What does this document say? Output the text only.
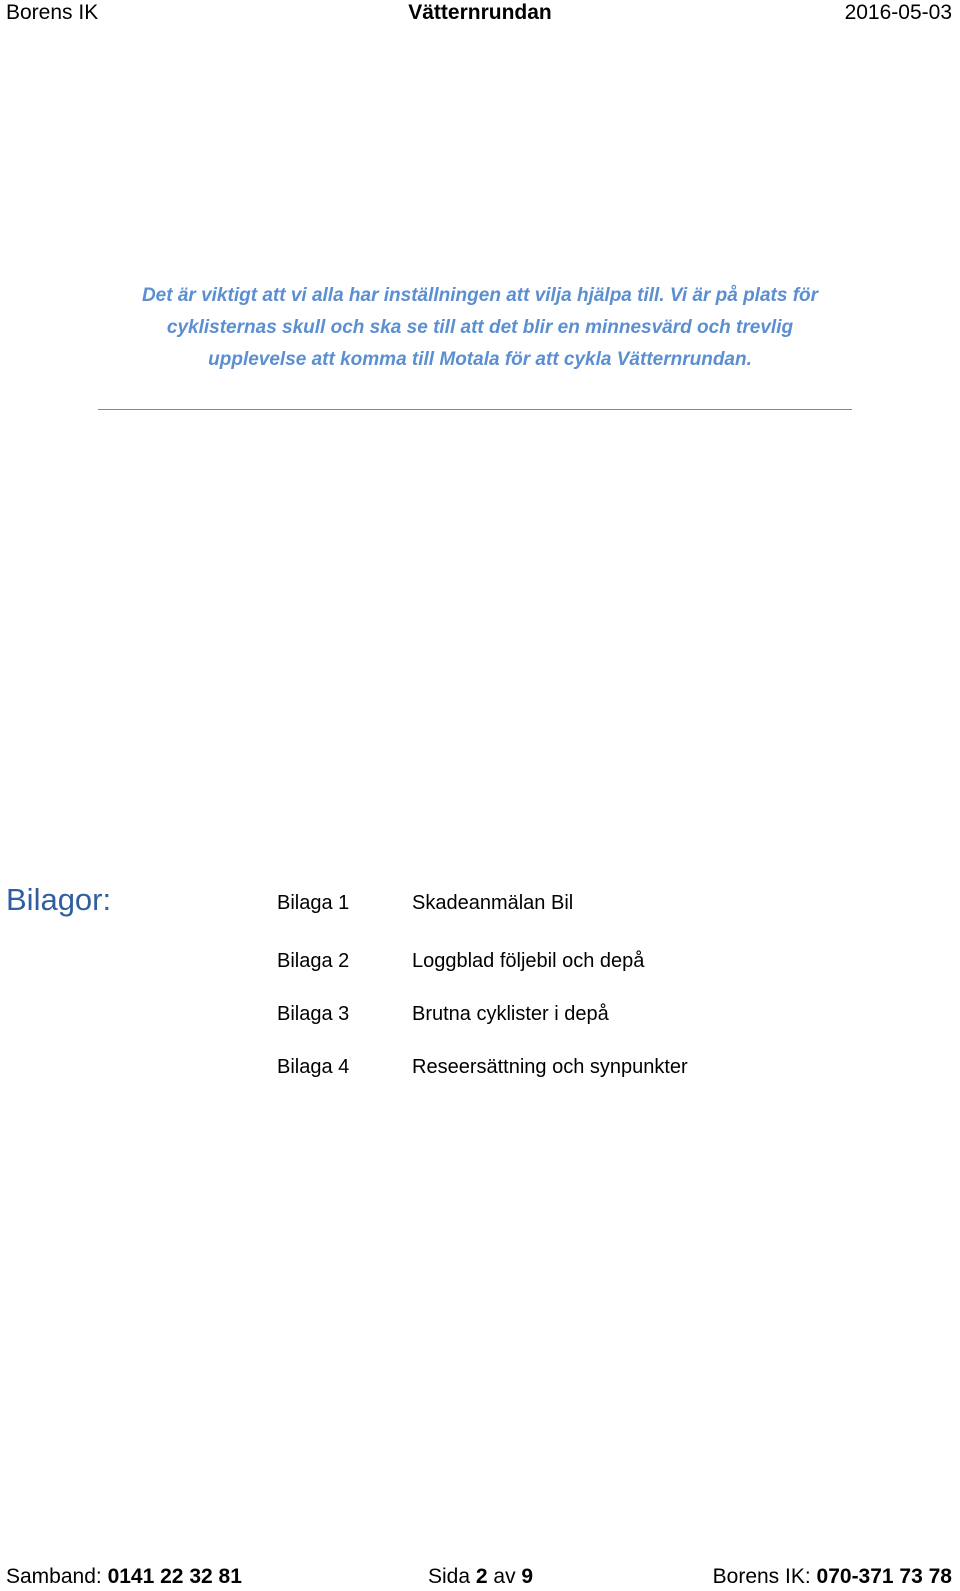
Borens IK	Vätternrundan	2016-05-03
Det är viktigt att vi alla har inställningen att vilja hjälpa till. Vi är på plats för
cyklisternas skull och ska se till att det blir en minnesvärd och trevlig
upplevelse att komma till Motala för att cykla Vätternrundan.
Bilagor:	Bilaga 1	Skadeanmälan Bil
Bilaga 2	Loggblad följebil och depå
Bilaga 3	Brutna cyklister i depå
Bilaga 4	Reseersättning och synpunkter
Samband: 0141 22 32 81	Sida 2 av 9	Borens IK: 070-371 73 78
